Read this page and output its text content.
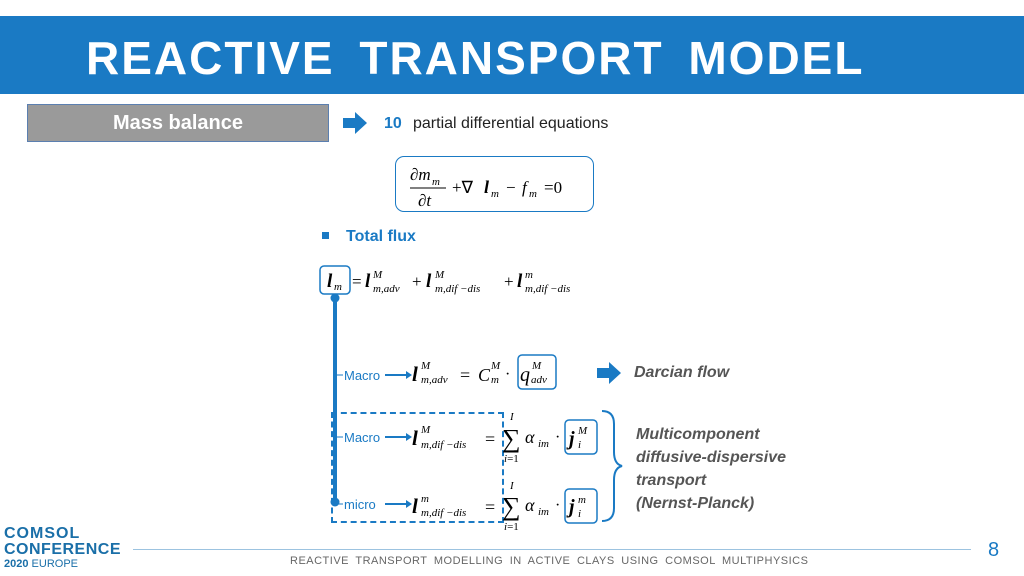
REACTIVE TRANSPORT MODEL
Mass balance	10 partial differential equations
∂m m
∂t
+∇ l m − f m =0
Total flux
l m = l M
m,adv + l M
m,dif −dis + l m
m,dif −dis
Macro
Macro
micro
l M
m,adv = C M
m · q M
adv	Darcian flow
l M
m,dif −dis =
I
∑
i=1
α im · j M
i
l m
m,dif −dis =
I
∑
i=1
α im · j m
i
Multicomponent
diffusive-dispersive
transport
(Nernst-Planck)
COMSOL
CONFERENCE
2020 EUROPE	REACTIVE TRANSPORT MODELLING IN ACTIVE CLAYS USING COMSOL MULTIPHYSICS	8
